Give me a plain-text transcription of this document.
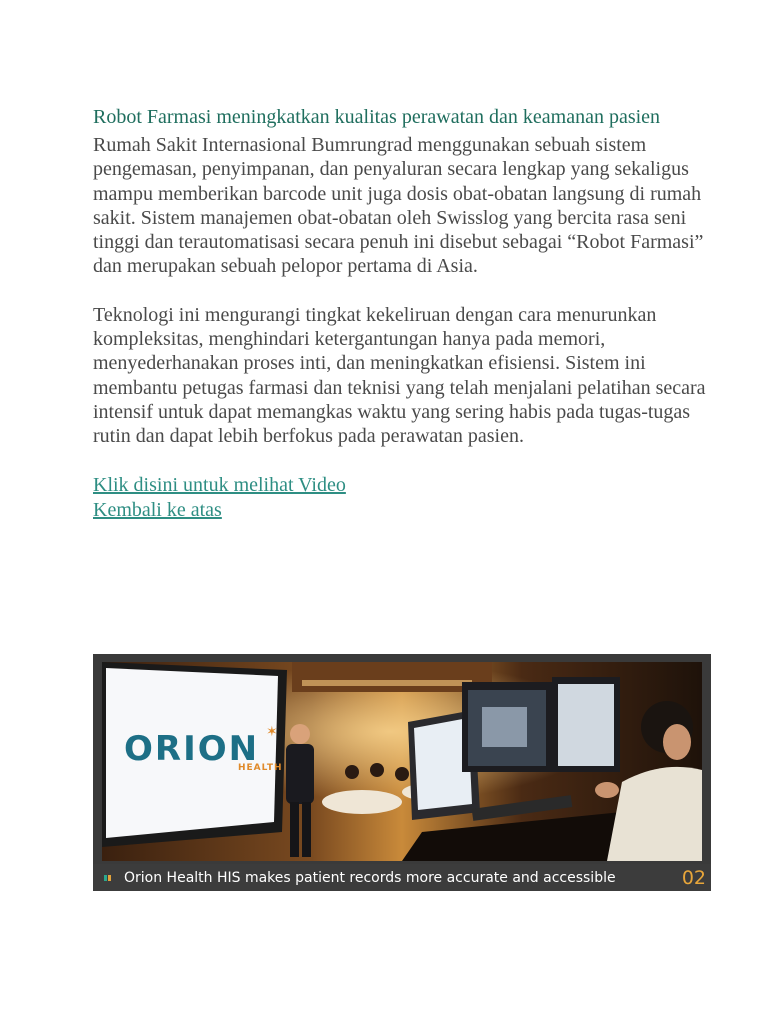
Robot Farmasi meningkatkan kualitas perawatan dan keamanan pasien

Rumah Sakit Internasional Bumrungrad menggunakan sebuah sistem pengemasan, penyimpanan, dan penyaluran secara lengkap yang sekaligus mampu memberikan barcode unit juga dosis obat-obatan langsung di rumah sakit. Sistem manajemen obat-obatan oleh Swisslog yang bercita rasa seni tinggi dan terautomatisasi secara penuh ini disebut sebagai “Robot Farmasi” dan merupakan sebuah pelopor pertama di Asia.

Teknologi ini mengurangi tingkat kekeliruan dengan cara menurunkan kompleksitas, menghindari ketergantungan hanya pada memori, menyederhanakan proses inti, dan meningkatkan efisiensi. Sistem ini membantu petugas farmasi dan teknisi yang telah menjalani pelatihan secara intensif untuk dapat memangkas waktu yang sering habis pada tugas-tugas rutin dan dapat lebih berfokus pada perawatan pasien.

Klik disini untuk melihat Video
Kembali ke atas
ORION ✶
HEALTH
Orion Health HIS makes patient records more accurate and accessible	02
